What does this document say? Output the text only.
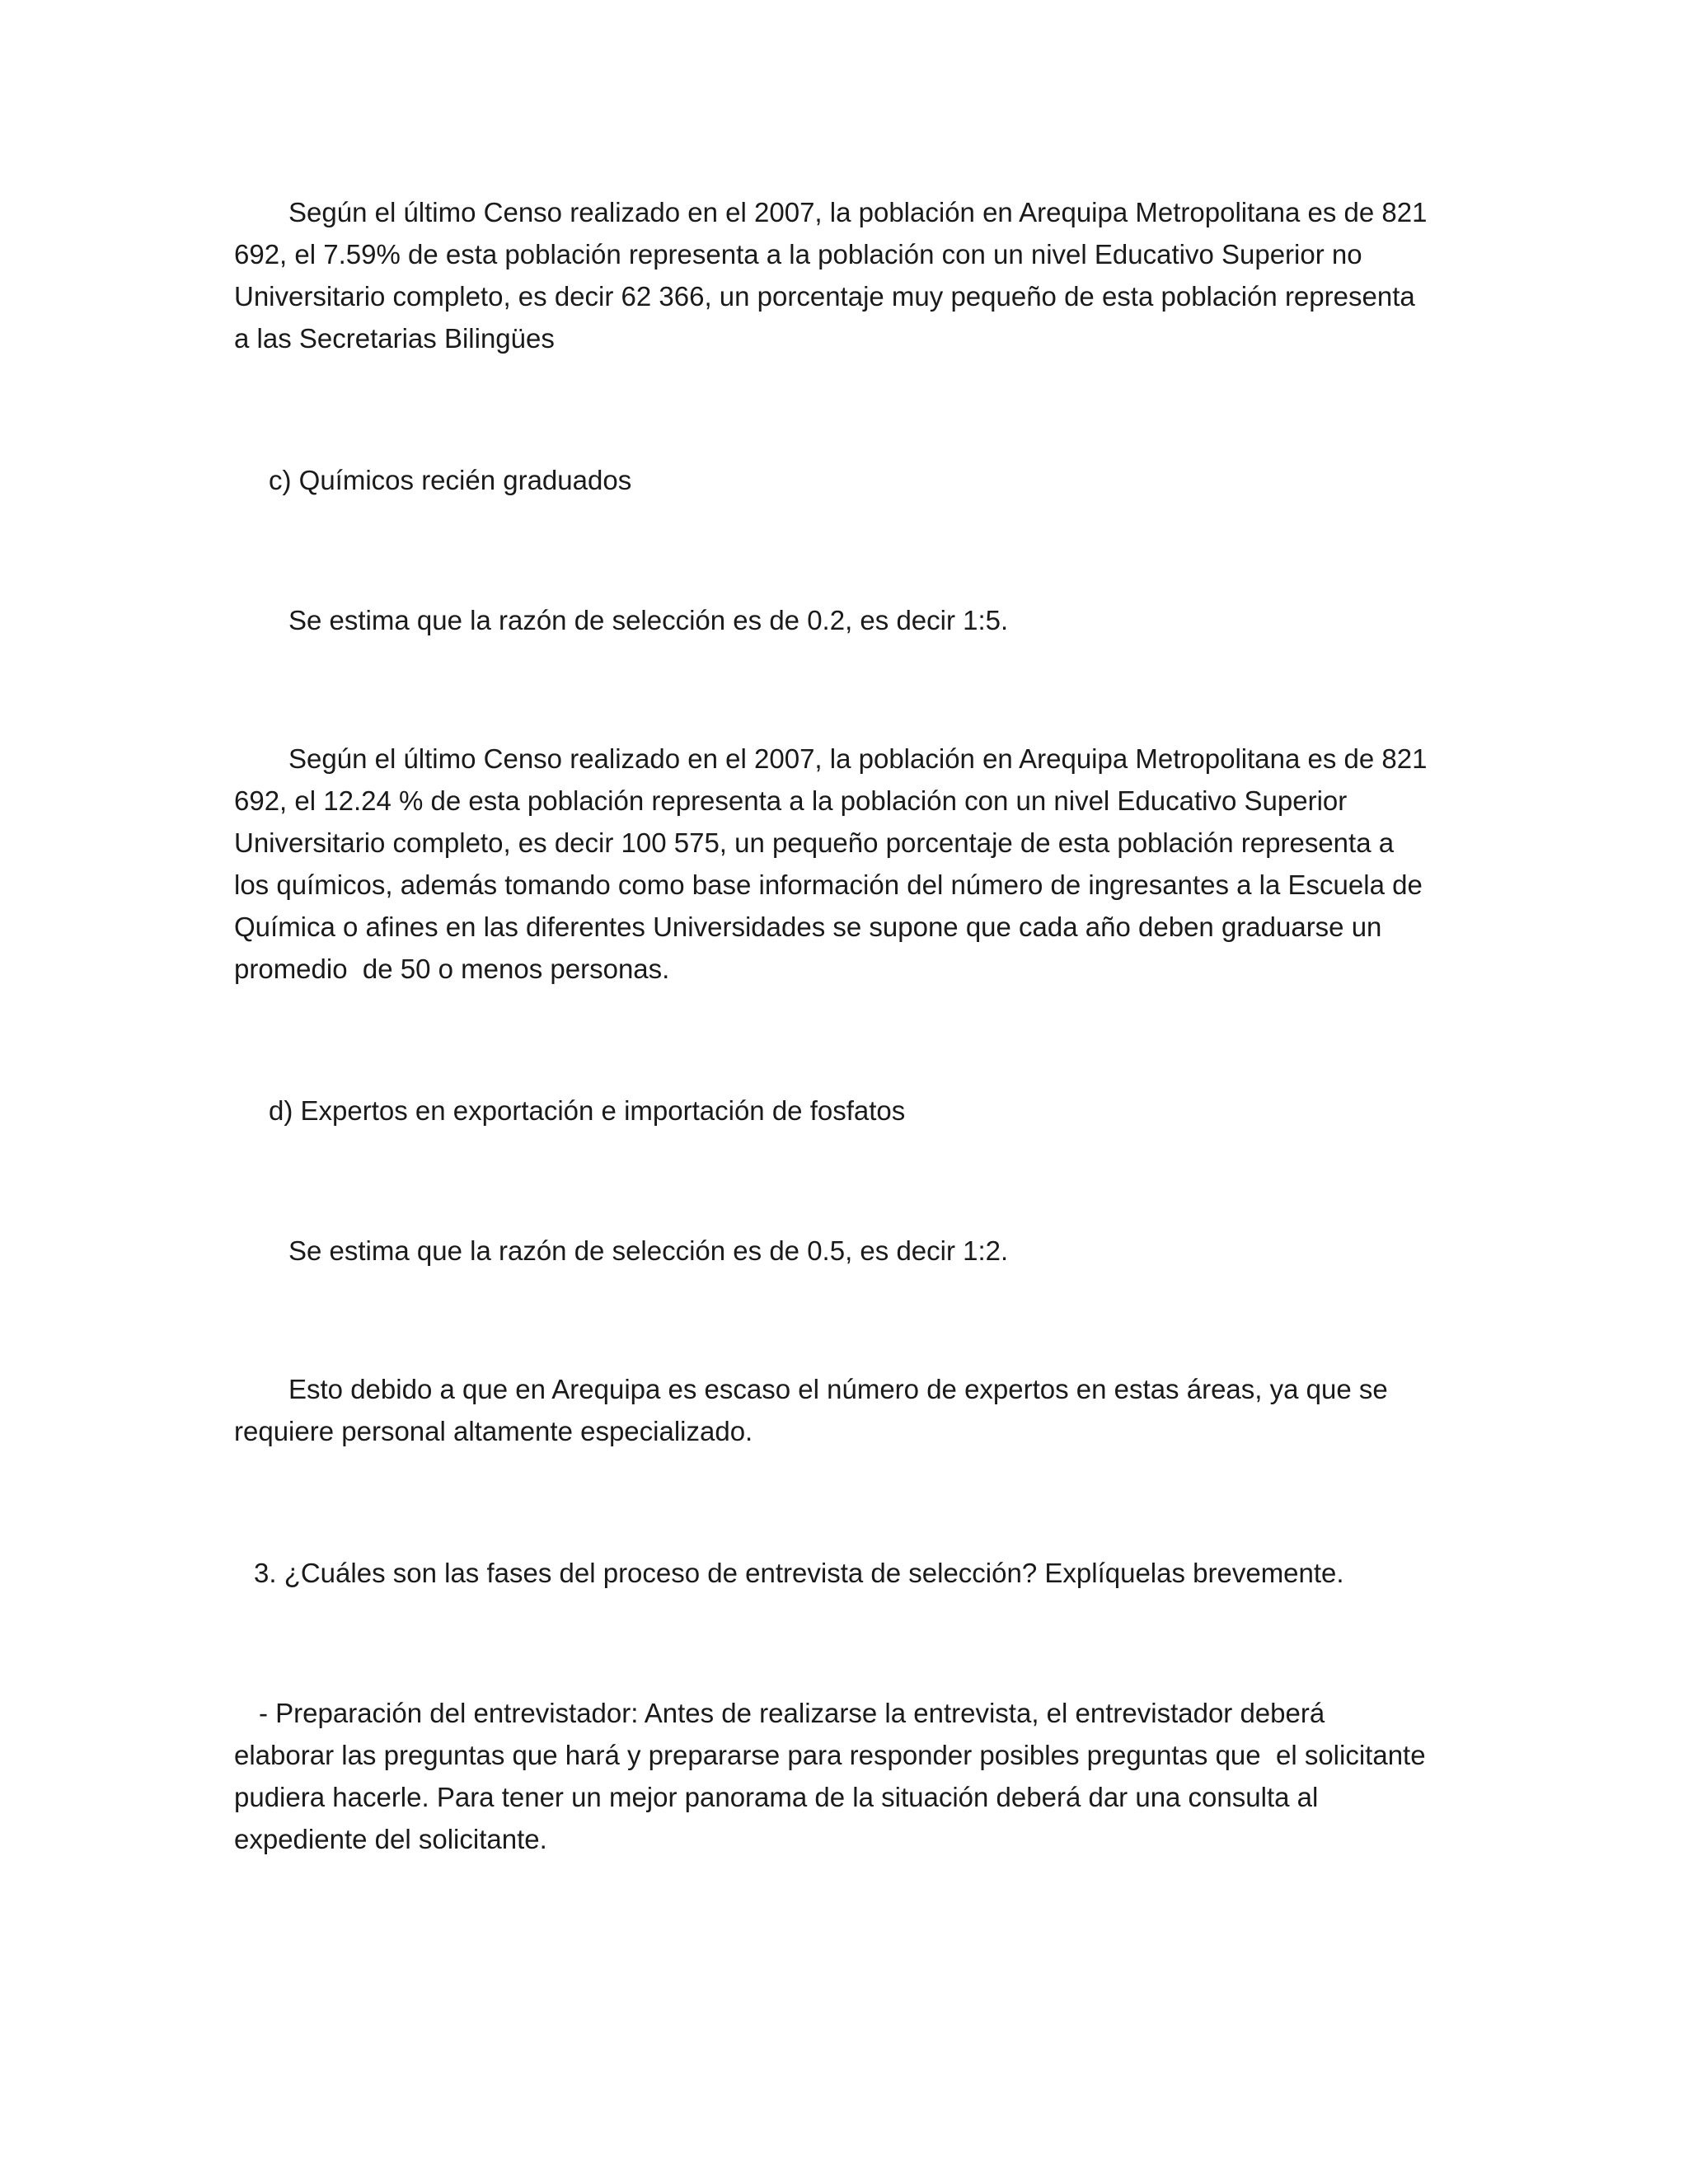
Según el último Censo realizado en el 2007, la población en Arequipa Metropolitana es de 821
692, el 7.59% de esta población representa a la población con un nivel Educativo Superior no
Universitario completo, es decir 62 366, un porcentaje muy pequeño de esta población representa
a las Secretarias Bilingües

c) Químicos recién graduados

Se estima que la razón de selección es de 0.2, es decir 1:5.

Según el último Censo realizado en el 2007, la población en Arequipa Metropolitana es de 821
692, el 12.24 % de esta población representa a la población con un nivel Educativo Superior
Universitario completo, es decir 100 575, un pequeño porcentaje de esta población representa a
los químicos, además tomando como base información del número de ingresantes a la Escuela de
Química o afines en las diferentes Universidades se supone que cada año deben graduarse un
promedio  de 50 o menos personas.

d) Expertos en exportación e importación de fosfatos

Se estima que la razón de selección es de 0.5, es decir 1:2.

Esto debido a que en Arequipa es escaso el número de expertos en estas áreas, ya que se
requiere personal altamente especializado.

3. ¿Cuáles son las fases del proceso de entrevista de selección? Explíquelas brevemente.

- Preparación del entrevistador: Antes de realizarse la entrevista, el entrevistador deberá
elaborar las preguntas que hará y prepararse para responder posibles preguntas que  el solicitante
pudiera hacerle. Para tener un mejor panorama de la situación deberá dar una consulta al
expediente del solicitante.
